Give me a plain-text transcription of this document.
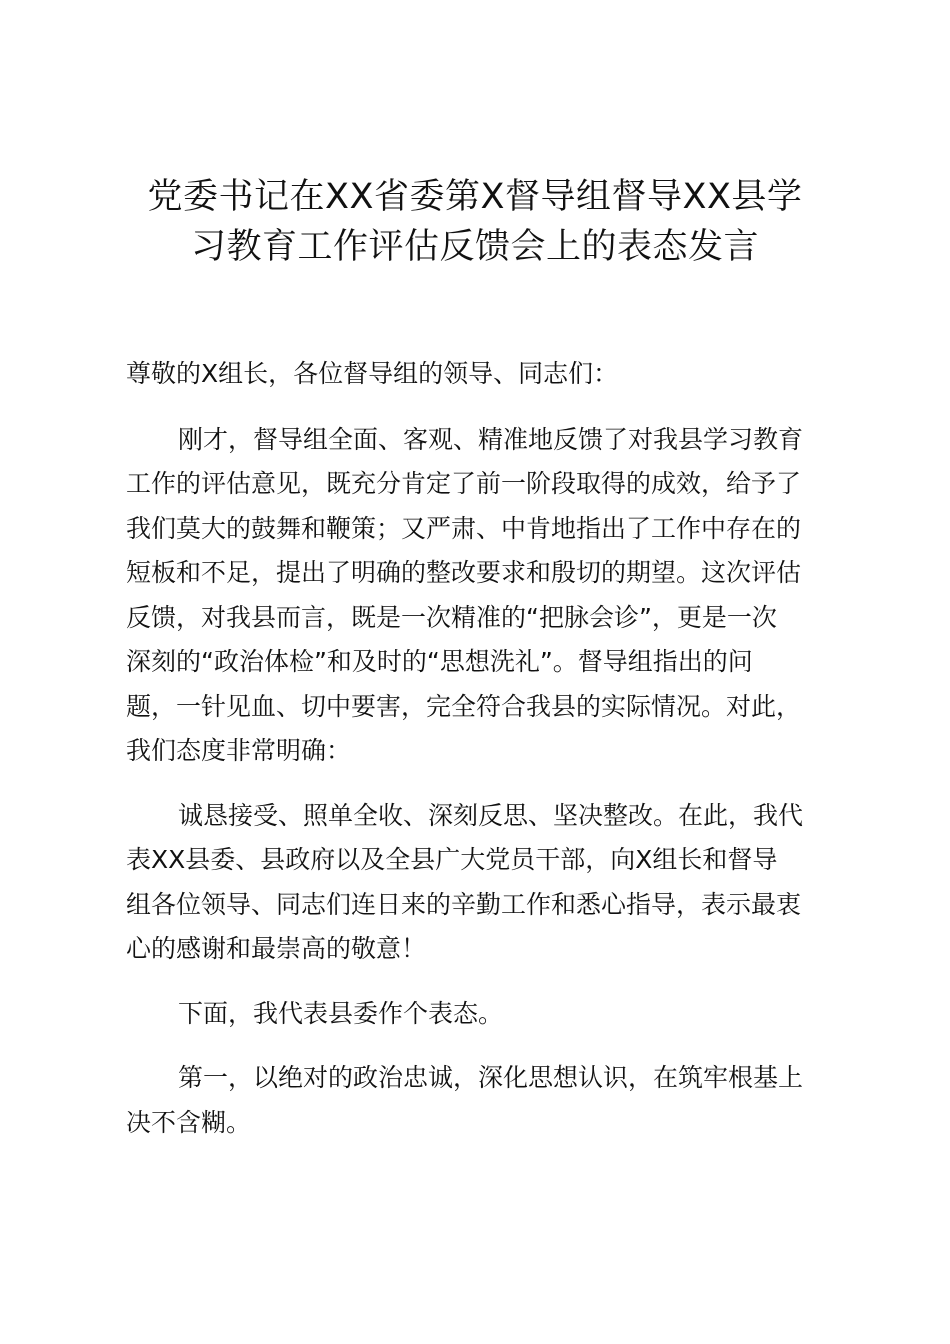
党委书记在XX省委第X督导组督导XX县学
习教育工作评估反馈会上的表态发言

尊敬的X组长，各位督导组的领导、同志们：

刚才，督导组全面、客观、精准地反馈了对我县学习教育
工作的评估意见，既充分肯定了前一阶段取得的成效，给予了
我们莫大的鼓舞和鞭策；又严肃、中肯地指出了工作中存在的
短板和不足，提出了明确的整改要求和殷切的期望。这次评估
反馈，对我县而言，既是一次精准的“把脉会诊”，更是一次
深刻的“政治体检”和及时的“思想洗礼”。督导组指出的问
题，一针见血、切中要害，完全符合我县的实际情况。对此，
我们态度非常明确：

诚恳接受、照单全收、深刻反思、坚决整改。在此，我代
表XX县委、县政府以及全县广大党员干部，向X组长和督导
组各位领导、同志们连日来的辛勤工作和悉心指导，表示最衷
心的感谢和最崇高的敬意！

下面，我代表县委作个表态。

第一，以绝对的政治忠诚，深化思想认识，在筑牢根基上
决不含糊。
